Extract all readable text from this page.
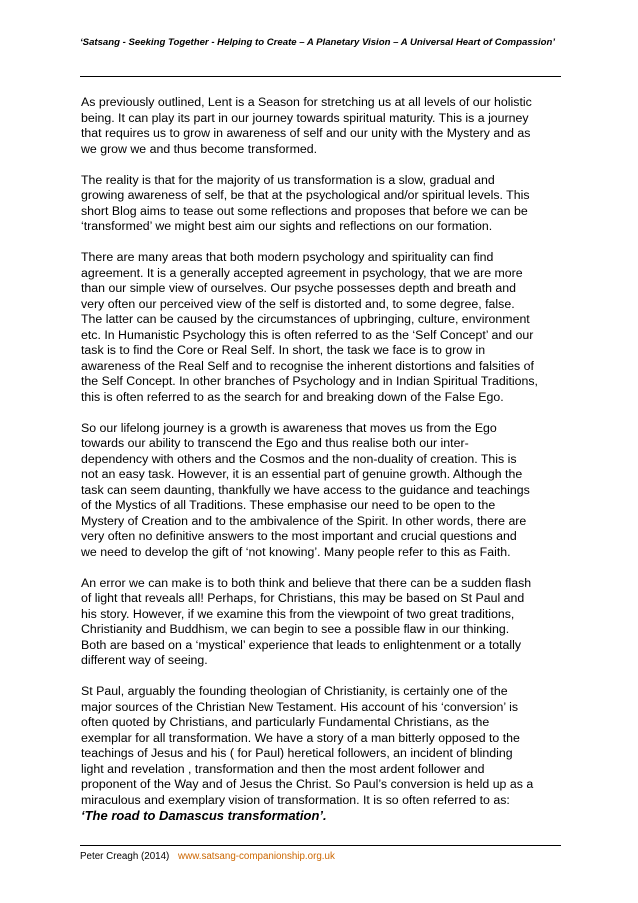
‘Satsang - Seeking Together - Helping to Create – A Planetary Vision – A Universal Heart of Compassion’
As previously outlined, Lent is a Season for stretching us at all levels of our holistic
being. It can play its part in our journey towards spiritual maturity. This is a journey
that requires us to grow in awareness of self and our unity with the Mystery and as
we grow we and thus become transformed.
The reality is that for the majority of us transformation is a slow, gradual and
growing awareness of self, be that at the psychological and/or spiritual levels. This
short Blog aims to tease out some reflections and proposes that before we can be
‘transformed’ we might best aim our sights and reflections on our formation.
There are many areas that both modern psychology and spirituality can find
agreement. It is a generally accepted agreement in psychology, that we are more
than our simple view of ourselves. Our psyche possesses depth and breath and
very often our perceived view of the self is distorted and, to some degree, false.
The latter can be caused by the circumstances of upbringing, culture, environment
etc. In Humanistic Psychology this is often referred to as the ‘Self Concept’ and our
task is to find the Core or Real Self. In short, the task we face is to grow in
awareness of the Real Self and to recognise the inherent distortions and falsities of
the Self Concept. In other branches of Psychology and in Indian Spiritual Traditions,
this is often referred to as the search for and breaking down of the False Ego.
So our lifelong journey is a growth is awareness that moves us from the Ego
towards our ability to transcend the Ego and thus realise both our inter-
dependency with others and the Cosmos and the non-duality of creation. This is
not an easy task. However, it is an essential part of genuine growth. Although the
task can seem daunting, thankfully we have access to the guidance and teachings
of the Mystics of all Traditions. These emphasise our need to be open to the
Mystery of Creation and to the ambivalence of the Spirit. In other words, there are
very often no definitive answers to the most important and crucial questions and
we need to develop the gift of ‘not knowing’. Many people refer to this as Faith.
An error we can make is to both think and believe that there can be a sudden flash
of light that reveals all! Perhaps, for Christians, this may be based on St Paul and
his story. However, if we examine this from the viewpoint of two great traditions,
Christianity and Buddhism, we can begin to see a possible flaw in our thinking.
Both are based on a ‘mystical’ experience that leads to enlightenment or a totally
different way of seeing.
St Paul, arguably the founding theologian of Christianity, is certainly one of the
major sources of the Christian New Testament. His account of his ‘conversion’ is
often quoted by Christians, and particularly Fundamental Christians, as the
exemplar for all transformation. We have a story of a man bitterly opposed to the
teachings of Jesus and his ( for Paul) heretical followers, an incident of blinding
light and revelation , transformation and then the most ardent follower and
proponent of the Way and of Jesus the Christ. So Paul’s conversion is held up as a
miraculous and exemplary vision of transformation. It is so often referred to as:
‘The road to Damascus transformation’.
Peter Creagh (2014) www.satsang-companionship.org.uk
